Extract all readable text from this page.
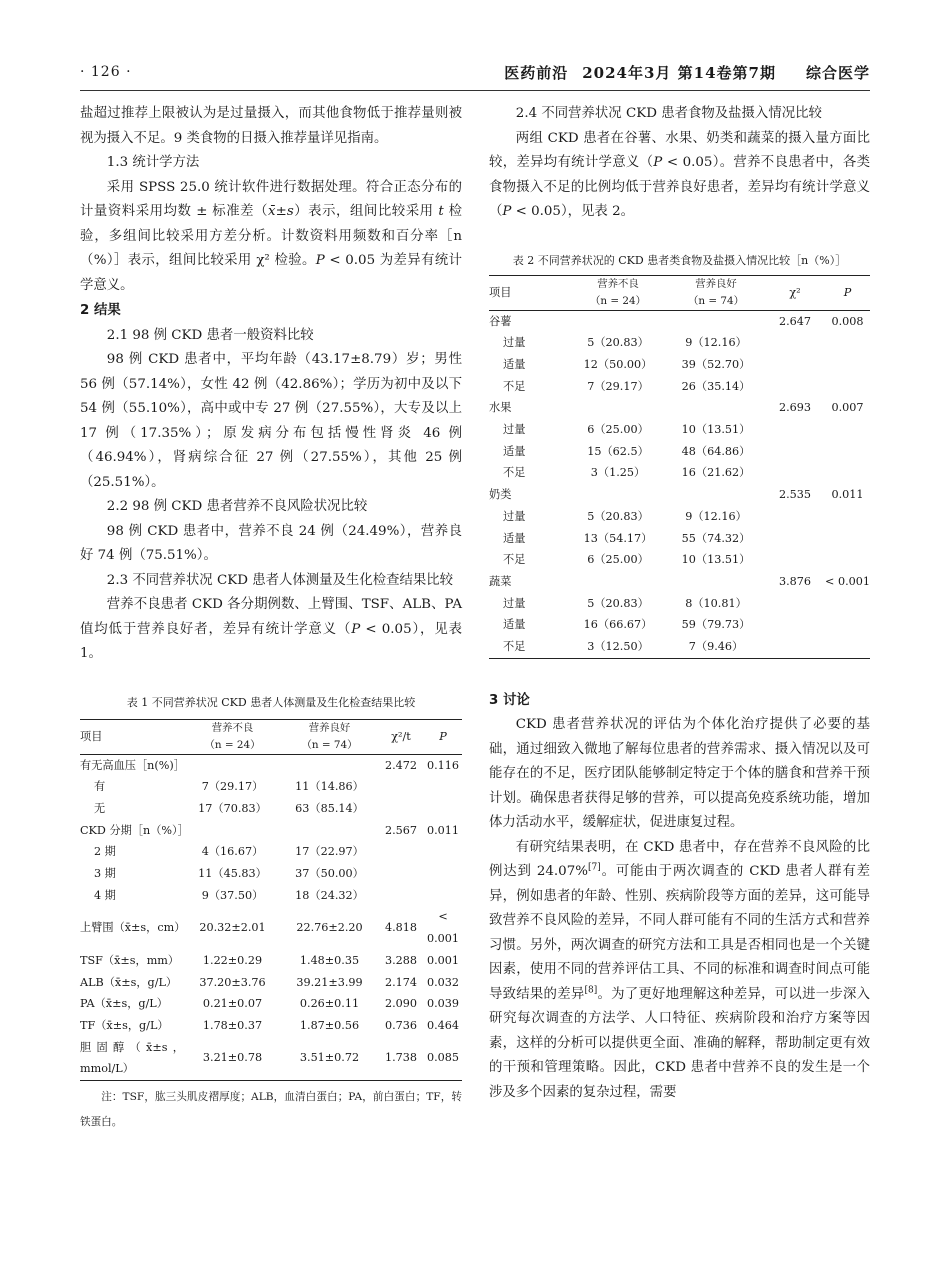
· 126 ·	医药前沿 2024年3月 第14卷第7期 综合医学

盐超过推荐上限被认为是过量摄入，而其他食物低于推荐量则被视为摄入不足。9 类食物的日摄入推荐量详见指南。

1.3 统计学方法

采用 SPSS 25.0 统计软件进行数据处理。符合正态分布的计量资料采用均数 ± 标准差（x̄±s）表示，组间比较采用 t 检验，多组间比较采用方差分析。计数资料用频数和百分率［n（%）］表示，组间比较采用 χ² 检验。P < 0.05 为差异有统计学意义。

2 结果

2.1 98 例 CKD 患者一般资料比较

98 例 CKD 患者中，平均年龄（43.17±8.79）岁；男性 56 例（57.14%），女性 42 例（42.86%）；学历为初中及以下 54 例（55.10%），高中或中专 27 例（27.55%），大专及以上 17 例（17.35%）；原发病分布包括慢性肾炎 46 例（46.94%），肾病综合征 27 例（27.55%），其他 25 例（25.51%）。

2.2 98 例 CKD 患者营养不良风险状况比较

98 例 CKD 患者中，营养不良 24 例（24.49%），营养良好 74 例（75.51%）。

2.3 不同营养状况 CKD 患者人体测量及生化检查结果比较

营养不良患者 CKD 各分期例数、上臂围、TSF、ALB、PA 值均低于营养良好者，差异有统计学意义（P < 0.05），见表 1。

表 1 不同营养状况 CKD 患者人体测量及生化检查结果比较

项目	营养不良	营养良好	χ²/t	P
	（n = 24）	（n = 74）		
有无高血压［n(%)］			2.472	0.116
有	7（29.17）	11（14.86）		
无	17（70.83）	63（85.14）		
CKD 分期［n（%）］			2.567	0.011
2 期	4（16.67）	17（22.97）		
3 期	11（45.83）	37（50.00）		
4 期	9（37.50）	18（24.32）		
上臂围（x̄±s，cm）	20.32±2.01	22.76±2.20	4.818	< 0.001
TSF（x̄±s，mm）	1.22±0.29	1.48±0.35	3.288	0.001
ALB（x̄±s，g/L）	37.20±3.76	39.21±3.99	2.174	0.032
PA（x̄±s，g/L）	0.21±0.07	0.26±0.11	2.090	0.039
TF（x̄±s，g/L）	1.78±0.37	1.87±0.56	0.736	0.464
胆固醇（x̄±s，mmol/L）	3.21±0.78	3.51±0.72	1.738	0.085

注：TSF，肱三头肌皮褶厚度；ALB，血清白蛋白；PA，前白蛋白；TF，转铁蛋白。

2.4 不同营养状况 CKD 患者食物及盐摄入情况比较

两组 CKD 患者在谷薯、水果、奶类和蔬菜的摄入量方面比较，差异均有统计学意义（P < 0.05）。营养不良患者中，各类食物摄入不足的比例均低于营养良好患者，差异均有统计学意义（P < 0.05），见表 2。

表 2 不同营养状况的 CKD 患者类食物及盐摄入情况比较［n（%）］

项目	营养不良	营养良好	χ²	P
	（n = 24）	（n = 74）		
谷薯			2.647	0.008
过量	5（20.83）	9（12.16）		
适量	12（50.00）	39（52.70）		
不足	7（29.17）	26（35.14）		
水果			2.693	0.007
过量	6（25.00）	10（13.51）		
适量	15（62.5）	48（64.86）		
不足	3（1.25）	16（21.62）		
奶类			2.535	0.011
过量	5（20.83）	9（12.16）		
适量	13（54.17）	55（74.32）		
不足	6（25.00）	10（13.51）		
蔬菜			3.876	< 0.001
过量	5（20.83）	8（10.81）		
适量	16（66.67）	59（79.73）		
不足	3（12.50）	7（9.46）		

3 讨论

CKD 患者营养状况的评估为个体化治疗提供了必要的基础，通过细致入微地了解每位患者的营养需求、摄入情况以及可能存在的不足，医疗团队能够制定特定于个体的膳食和营养干预计划。确保患者获得足够的营养，可以提高免疫系统功能，增加体力活动水平，缓解症状，促进康复过程。

有研究结果表明，在 CKD 患者中，存在营养不良风险的比例达到 24.07%[7]。可能由于两次调查的 CKD 患者人群有差异，例如患者的年龄、性别、疾病阶段等方面的差异，这可能导致营养不良风险的差异，不同人群可能有不同的生活方式和营养习惯。另外，两次调查的研究方法和工具是否相同也是一个关键因素，使用不同的营养评估工具、不同的标准和调查时间点可能导致结果的差异[8]。为了更好地理解这种差异，可以进一步深入研究每次调查的方法学、人口特征、疾病阶段和治疗方案等因素，这样的分析可以提供更全面、准确的解释，帮助制定更有效的干预和管理策略。因此，CKD 患者中营养不良的发生是一个涉及多个因素的复杂过程，需要
